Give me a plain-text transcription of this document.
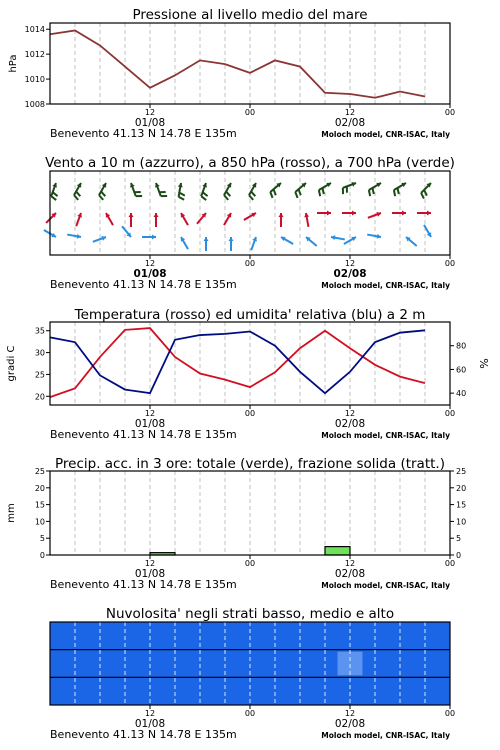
Pressione al livello medio del mare
12	00	12	00
01/08	02/08
Benevento 41.13 N 14.78 E 135m	Moloch model, CNR-ISAC, Italy
Vento a 10 m (azzurro), a 850 hPa (rosso), a 700 hPa (verde)
12	00	12	00
01/08	02/08
Benevento 41.13 N 14.78 E 135m	Moloch model, CNR-ISAC, Italy
Temperatura (rosso) ed umidita' relativa (blu) a 2 m
12	00	12	00
01/08	02/08
Benevento 41.13 N 14.78 E 135m	Moloch model, CNR-ISAC, Italy
Precip. acc. in 3 ore: totale (verde), frazione solida (tratt.)
12	00	12	00
01/08	02/08
Benevento 41.13 N 14.78 E 135m	Moloch model, CNR-ISAC, Italy
Nuvolosita' negli strati basso, medio e alto
12	00	12	00
01/08	02/08
Benevento 41.13 N 14.78 E 135m	Moloch model, CNR-ISAC, Italy
1008
1010
1012
1014
hPa
20
25
30
35
40
60
80
gradi C	%
0	0
5	5
10	10
15	15
20	20
25	25
mm
